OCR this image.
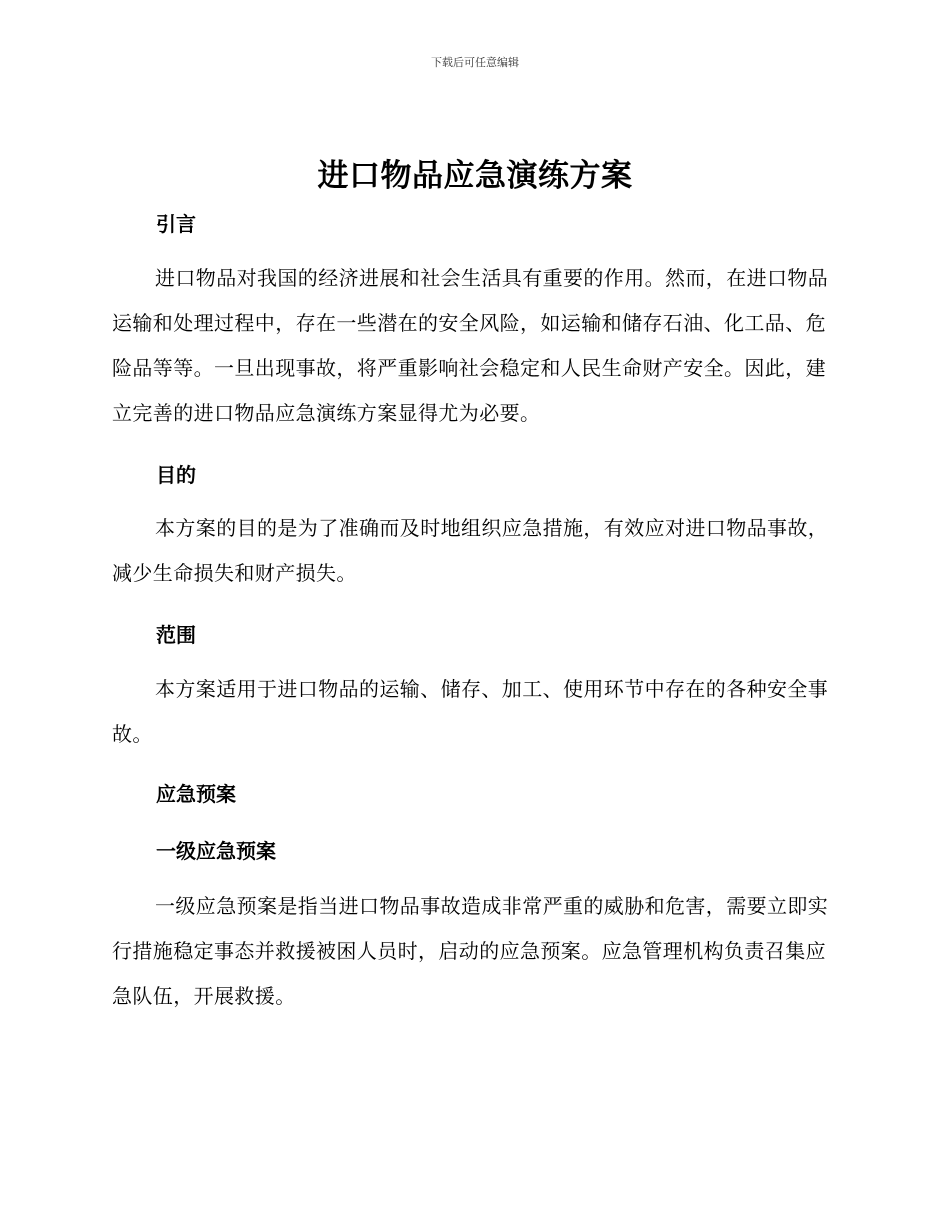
下载后可任意编辑
进口物品应急演练方案
引言

进口物品对我国的经济进展和社会生活具有重要的作用。然而，在进口物品运输和处理过程中，存在一些潜在的安全风险，如运输和储存石油、化工品、危险品等等。一旦出现事故，将严重影响社会稳定和人民生命财产安全。因此，建立完善的进口物品应急演练方案显得尤为必要。

目的

本方案的目的是为了准确而及时地组织应急措施，有效应对进口物品事故，减少生命损失和财产损失。

范围

本方案适用于进口物品的运输、储存、加工、使用环节中存在的各种安全事故。

应急预案
一级应急预案

一级应急预案是指当进口物品事故造成非常严重的威胁和危害，需要立即实行措施稳定事态并救援被困人员时，启动的应急预案。应急管理机构负责召集应急队伍，开展救援。
